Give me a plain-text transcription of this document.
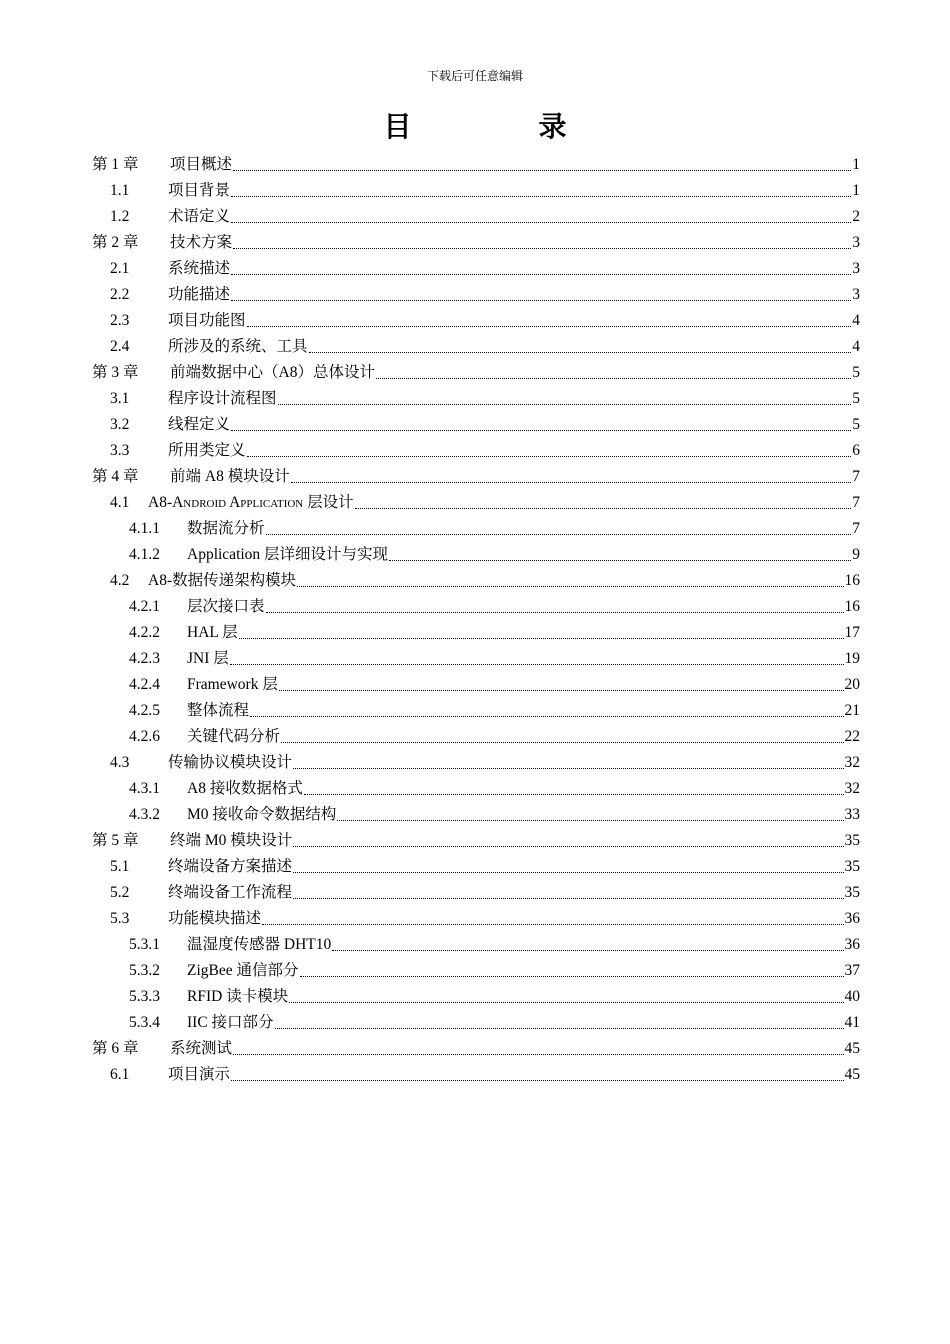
下载后可任意编辑
目 录
第 1 章	项目概述	1
1.1	项目背景	1
1.2	术语定义	2
第 2 章	技术方案	3
2.1	系统描述	3
2.2	功能描述	3
2.3	项目功能图	4
2.4	所涉及的系统、工具	4
第 3 章	前端数据中心（A8）总体设计	5
3.1	程序设计流程图	5
3.2	线程定义	5
3.3	所用类定义	6
第 4 章	前端 A8 模块设计	7
4.1	A8-Android Application 层设计	7
4.1.1	数据流分析	7
4.1.2	Application 层详细设计与实现	9
4.2	A8-数据传递架构模块	16
4.2.1	层次接口表	16
4.2.2	HAL 层	17
4.2.3	JNI 层	19
4.2.4	Framework 层	20
4.2.5	整体流程	21
4.2.6	关键代码分析	22
4.3	传输协议模块设计	32
4.3.1	A8 接收数据格式	32
4.3.2	M0 接收命令数据结构	33
第 5 章	终端 M0 模块设计	35
5.1	终端设备方案描述	35
5.2	终端设备工作流程	35
5.3	功能模块描述	36
5.3.1	温湿度传感器 DHT10	36
5.3.2	ZigBee 通信部分	37
5.3.3	RFID 读卡模块	40
5.3.4	IIC 接口部分	41
第 6 章	系统测试	45
6.1	项目演示	45
